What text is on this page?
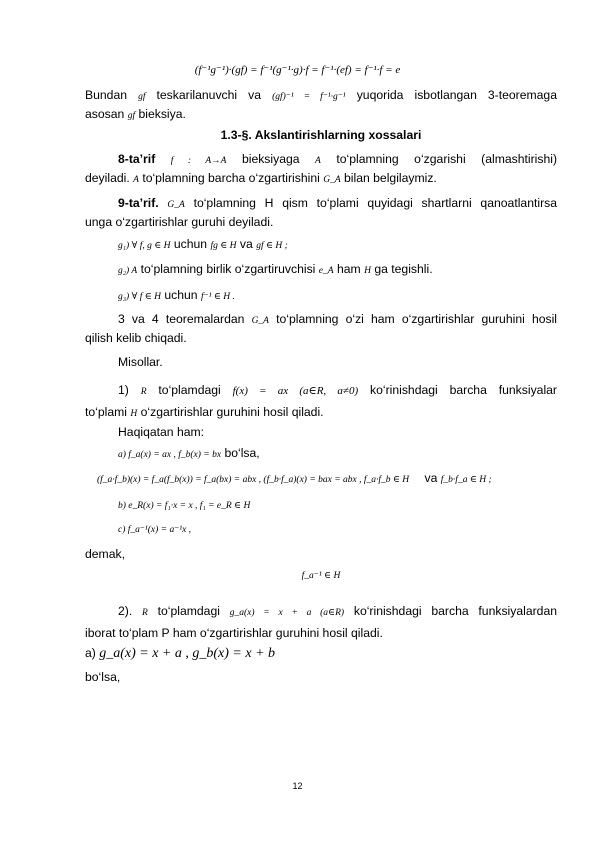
(f⁻¹g⁻¹)·(gf) = f⁻¹(g⁻¹·g)·f = f⁻¹·(ef) = f⁻¹·f = e
Bundan gf teskarilanuvchi va (gf)⁻¹ = f⁻¹·g⁻¹ yuqorida isbotlangan 3-teoremaga
asosan gf bieksiya.
1.3-§. Akslantirishlarning xossalari
8-ta’rif f : A→A bieksiyaga A to‘plamning o‘zgarishi (almashtirishi)
deyiladi. A to‘plamning barcha o‘zgartirishini G_A bilan belgilaymiz.
9-ta’rif. G_A to‘plamning H qism to‘plami quyidagi shartlarni qanoatlantirsa
unga o‘zgartirishlar guruhi deyiladi.
g₁) ∀ f, g ∈ H uchun fg ∈ H va gf ∈ H ;
g₂) A to‘plamning birlik o‘zgartiruvchisi e_A ham H ga tegishli.
g₃) ∀ f ∈ H uchun f⁻¹ ∈ H .
3 va 4 teoremalardan G_A to‘plamning o‘zi ham o‘zgartirishlar guruhini hosil
qilish kelib chiqadi.
Misollar.
1) R to‘plamdagi f(x) = ax (a∈R, a≠0) ko‘rinishdagi barcha funksiyalar
to‘plami H o‘zgartirishlar guruhini hosil qiladi.
Haqiqatan ham:
a) f_a(x) = ax , f_b(x) = bx bo‘lsa,
(f_a·f_b)(x) = f_a(f_b(x)) = f_a(bx) = abx , (f_b·f_a)(x) = bax = abx , f_a·f_b ∈ H va f_b·f_a ∈ H ;
b) e_R(x) = f₁·x = x , f₁ = e_R ∈ H
c) f_a⁻¹(x) = a⁻¹x ,
demak,
f_a⁻¹ ∈ H
2). R to‘plamdagi g_a(x) = x + a (a∈R) ko‘rinishdagi barcha funksiyalardan
iborat to‘plam P ham o‘zgartirishlar guruhini hosil qiladi.
a) g_a(x) = x + a , g_b(x) = x + b
bo‘lsa,
12
